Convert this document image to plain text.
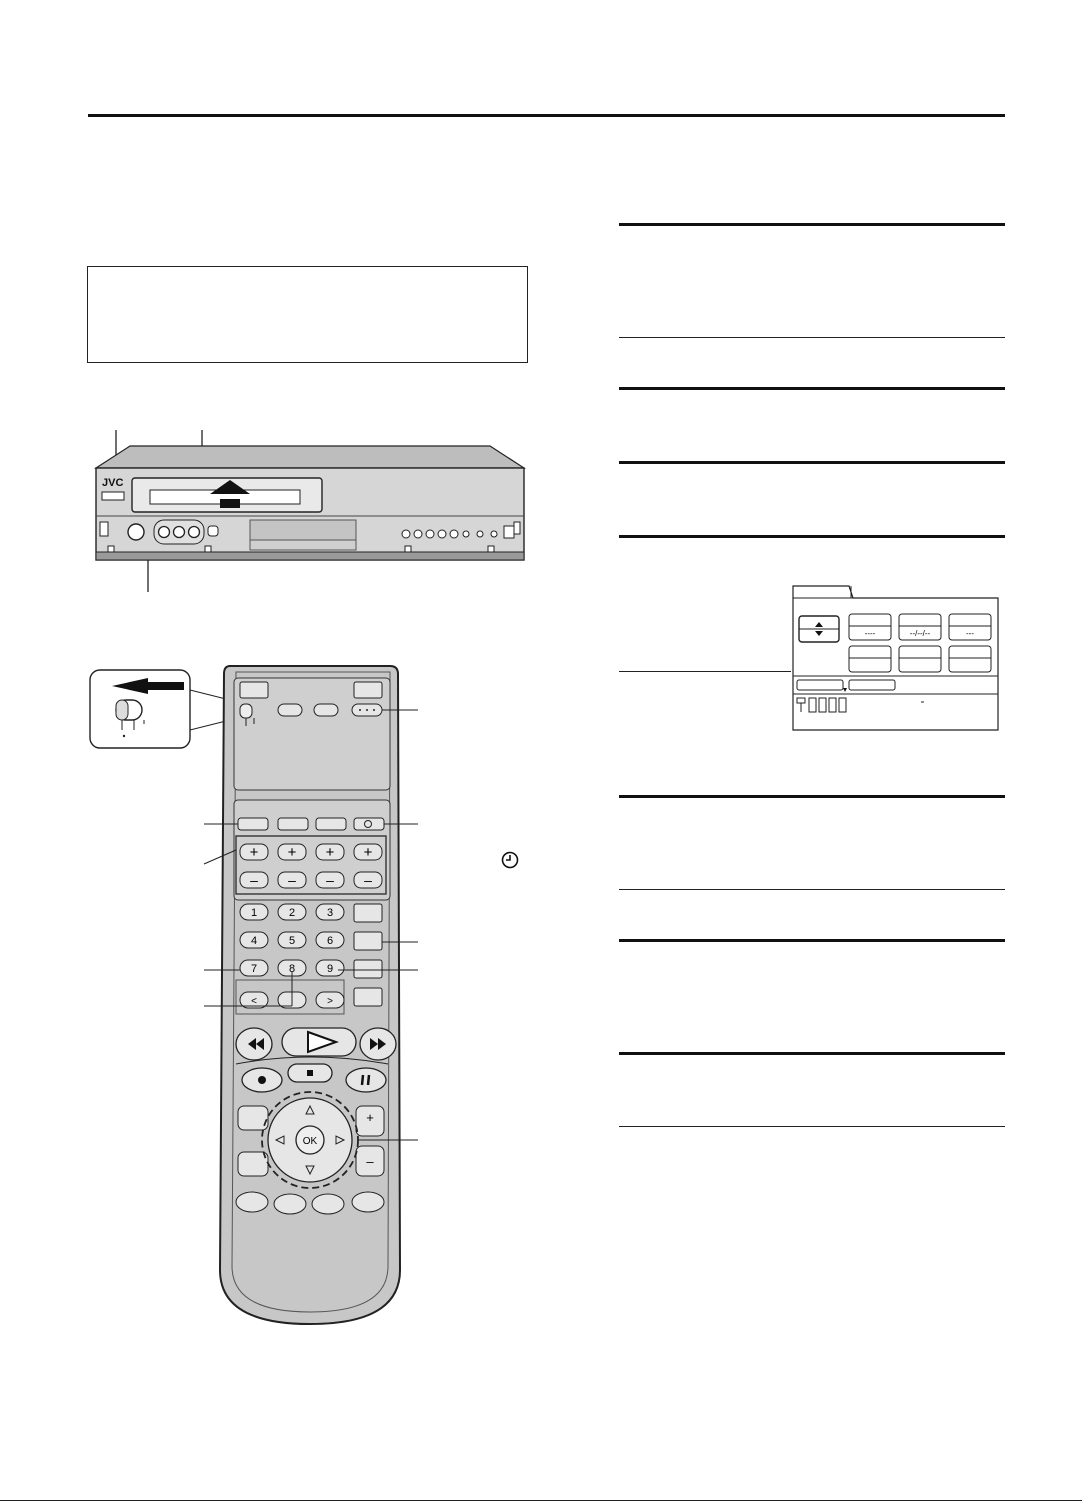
JVC
+ + + +
– – – –
1	2	3
4	5	6
7	8	9
<	>
+
–
OK
----	--/--/--	---
